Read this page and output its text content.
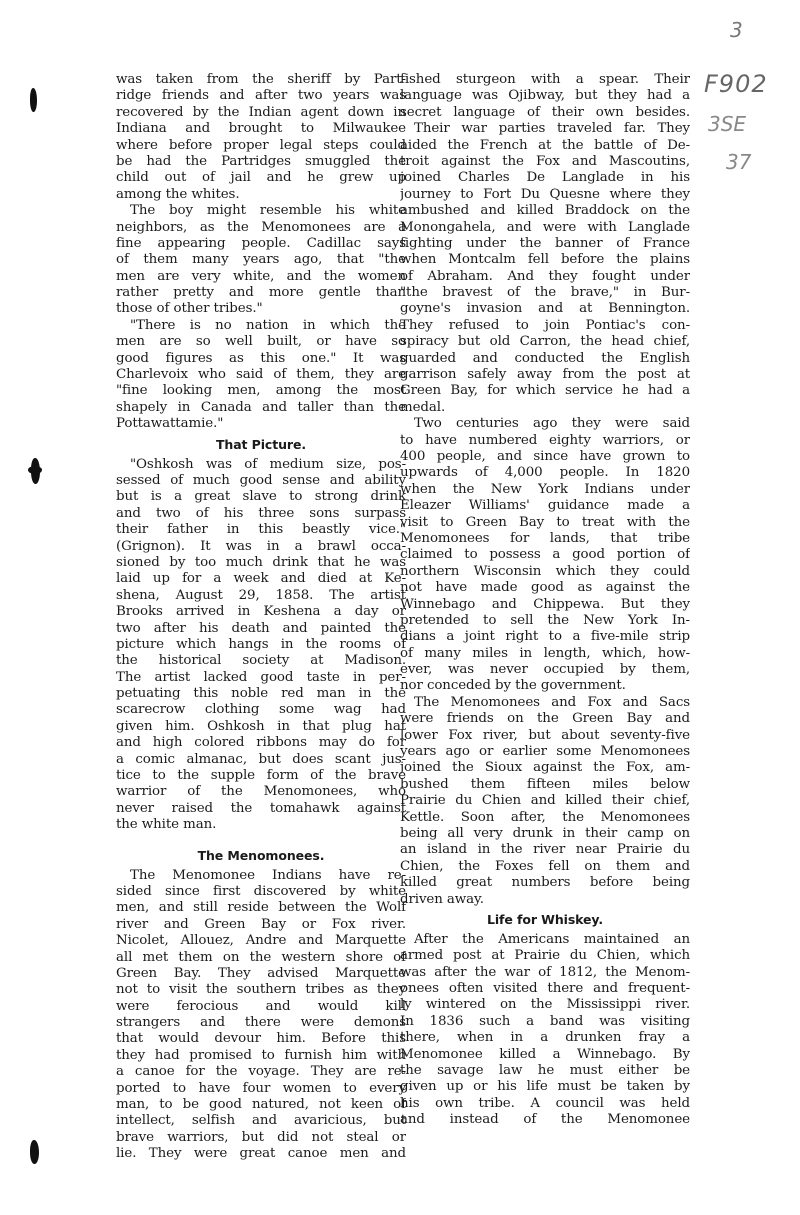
3
F902
3SE
37
was taken from the sheriff by Part-
ridge friends and after two years was
recovered by the Indian agent down in
Indiana and brought to Milwaukee
where before proper legal steps could
be had the Partridges smuggled the
child out of jail and he grew up
among the whites.
The boy might resemble his white
neighbors, as the Menomonees are a
fine appearing people. Cadillac says
of them many years ago, that "the
men are very white, and the women
rather pretty and more gentle than
those of other tribes."
"There is no nation in which the
men are so well built, or have so
good figures as this one." It was
Charlevoix who said of them, they are
"fine looking men, among the most
shapely in Canada and taller than the
Pottawattamie."
That Picture.
"Oshkosh was of medium size, pos-
sessed of much good sense and ability
but is a great slave to strong drink
and two of his three sons surpass
their father in this beastly vice."
(Grignon). It was in a brawl occa-
sioned by too much drink that he was
laid up for a week and died at Ke-
shena, August 29, 1858. The artist
Brooks arrived in Keshena a day or
two after his death and painted the
picture which hangs in the rooms of
the historical society at Madison.
The artist lacked good taste in per-
petuating this noble red man in the
scarecrow clothing some wag had
given him. Oshkosh in that plug hat
and high colored ribbons may do for
a comic almanac, but does scant jus-
tice to the supple form of the brave
warrior of the Menomonees, who
never raised the tomahawk against
the white man.
The Menomonees.
The Menomonee Indians have re-
sided since first discovered by white
men, and still reside between the Wolf
river and Green Bay or Fox river.
Nicolet, Allouez, Andre and Marquette
all met them on the western shore of
Green Bay. They advised Marquette
not to visit the southern tribes as they
were ferocious and would kill
strangers and there were demons
that would devour him. Before this
they had promised to furnish him with
a canoe for the voyage. They are re-
ported to have four women to every
man, to be good natured, not keen of
intellect, selfish and avaricious, but
brave warriors, but did not steal or
lie. They were great canoe men and
fished sturgeon with a spear. Their
language was Ojibway, but they had a
secret language of their own besides.
Their war parties traveled far. They
aided the French at the battle of De-
troit against the Fox and Mascoutins,
joined Charles De Langlade in his
journey to Fort Du Quesne where they
ambushed and killed Braddock on the
Monongahela, and were with Langlade
fighting under the banner of France
when Montcalm fell before the plains
of Abraham. And they fought under
"the bravest of the brave," in Bur-
goyne's invasion and at Bennington.
They refused to join Pontiac's con-
spiracy but old Carron, the head chief,
guarded and conducted the English
garrison safely away from the post at
Green Bay, for which service he had a
medal.
Two centuries ago they were said
to have numbered eighty warriors, or
400 people, and since have grown to
upwards of 4,000 people. In 1820
when the New York Indians under
Eleazer Williams' guidance made a
visit to Green Bay to treat with the
Menomonees for lands, that tribe
claimed to possess a good portion of
northern Wisconsin which they could
not have made good as against the
Winnebago and Chippewa. But they
pretended to sell the New York In-
dians a joint right to a five-mile strip
of many miles in length, which, how-
ever, was never occupied by them,
nor conceded by the government.
The Menomonees and Fox and Sacs
were friends on the Green Bay and
lower Fox river, but about seventy-five
years ago or earlier some Menomonees
joined the Sioux against the Fox, am-
bushed them fifteen miles below
Prairie du Chien and killed their chief,
Kettle. Soon after, the Menomonees
being all very drunk in their camp on
an island in the river near Prairie du
Chien, the Foxes fell on them and
killed great numbers before being
driven away.
Life for Whiskey.
After the Americans maintained an
armed post at Prairie du Chien, which
was after the war of 1812, the Menom-
onees often visited there and frequent-
ly wintered on the Mississippi river.
In 1836 such a band was visiting
there, when in a drunken fray a
Menomonee killed a Winnebago. By
the savage law he must either be
given up or his life must be taken by
his own tribe. A council was held
and instead of the Menomonee
